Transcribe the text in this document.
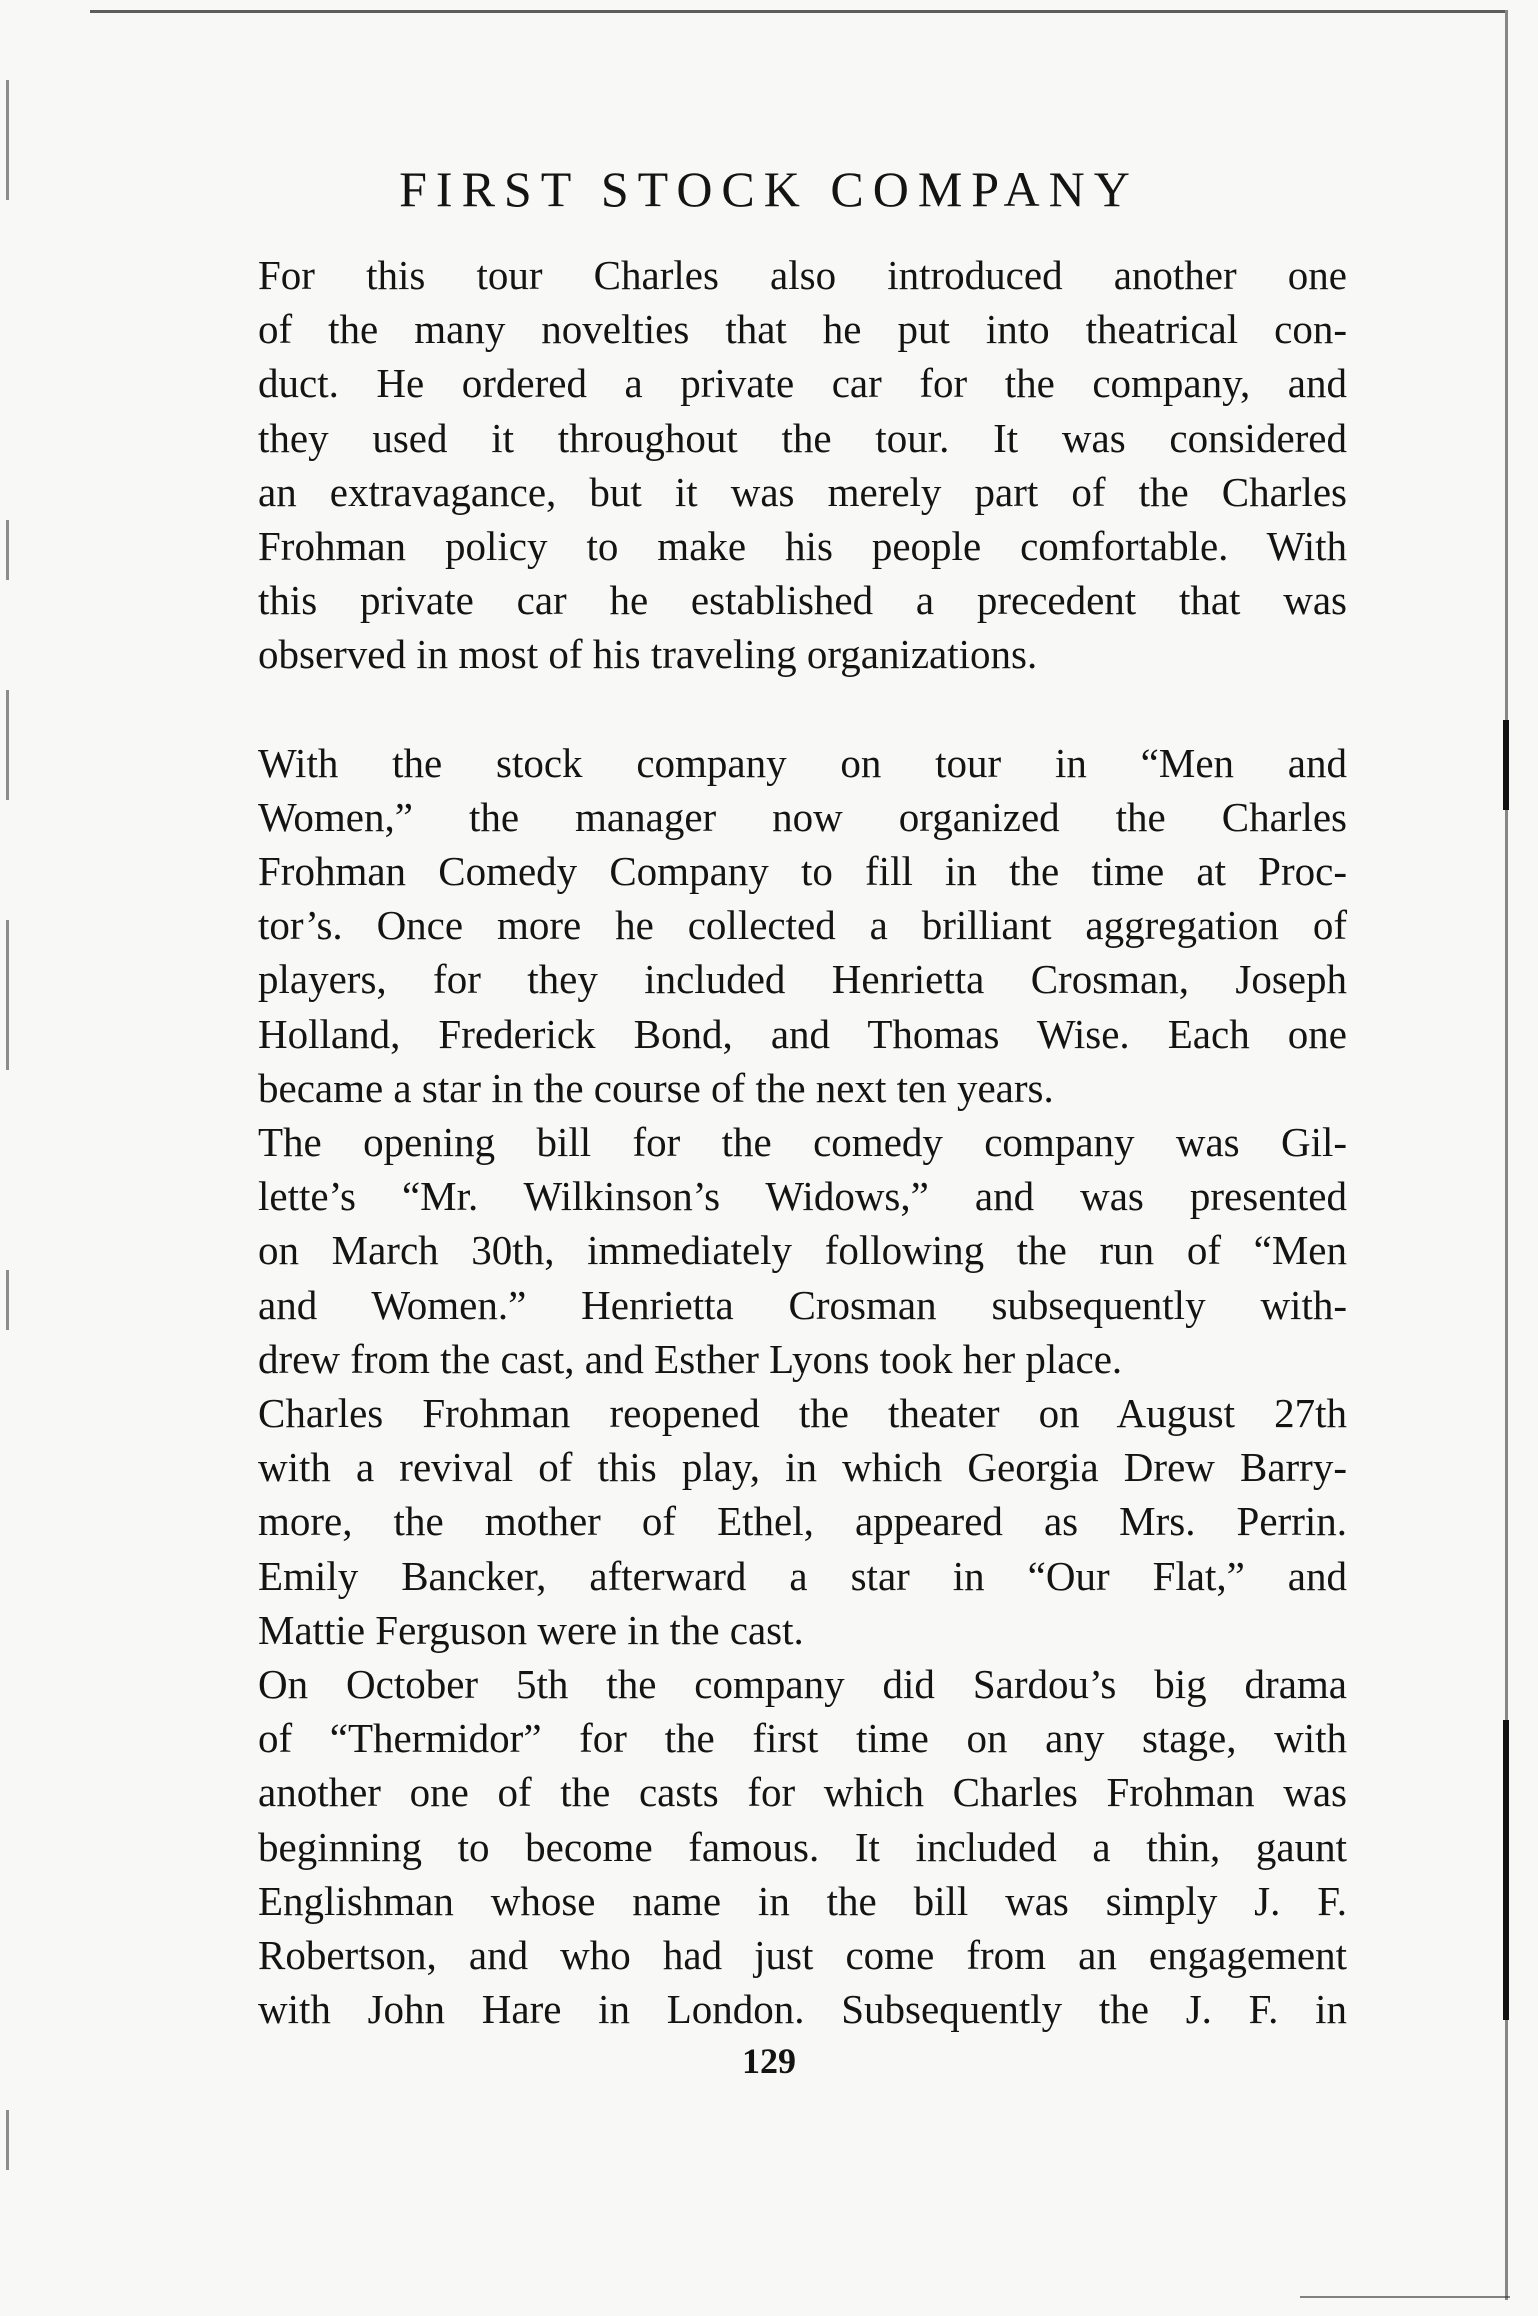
FIRST STOCK COMPANY

For this tour Charles also introduced another one
of the many novelties that he put into theatrical con-
duct. He ordered a private car for the company, and
they used it throughout the tour. It was considered
an extravagance, but it was merely part of the Charles
Frohman policy to make his people comfortable. With
this private car he established a precedent that was
observed in most of his traveling organizations.

With the stock company on tour in “Men and
Women,” the manager now organized the Charles
Frohman Comedy Company to fill in the time at Proc-
tor’s. Once more he collected a brilliant aggregation of
players, for they included Henrietta Crosman, Joseph
Holland, Frederick Bond, and Thomas Wise. Each one
became a star in the course of the next ten years.

The opening bill for the comedy company was Gil-
lette’s “Mr. Wilkinson’s Widows,” and was presented
on March 30th, immediately following the run of “Men
and Women.” Henrietta Crosman subsequently with-
drew from the cast, and Esther Lyons took her place.

Charles Frohman reopened the theater on August 27th
with a revival of this play, in which Georgia Drew Barry-
more, the mother of Ethel, appeared as Mrs. Perrin.
Emily Bancker, afterward a star in “Our Flat,” and
Mattie Ferguson were in the cast.

On October 5th the company did Sardou’s big drama
of “Thermidor” for the first time on any stage, with
another one of the casts for which Charles Frohman was
beginning to become famous. It included a thin, gaunt
Englishman whose name in the bill was simply J. F.
Robertson, and who had just come from an engagement
with John Hare in London. Subsequently the J. F. in

129
